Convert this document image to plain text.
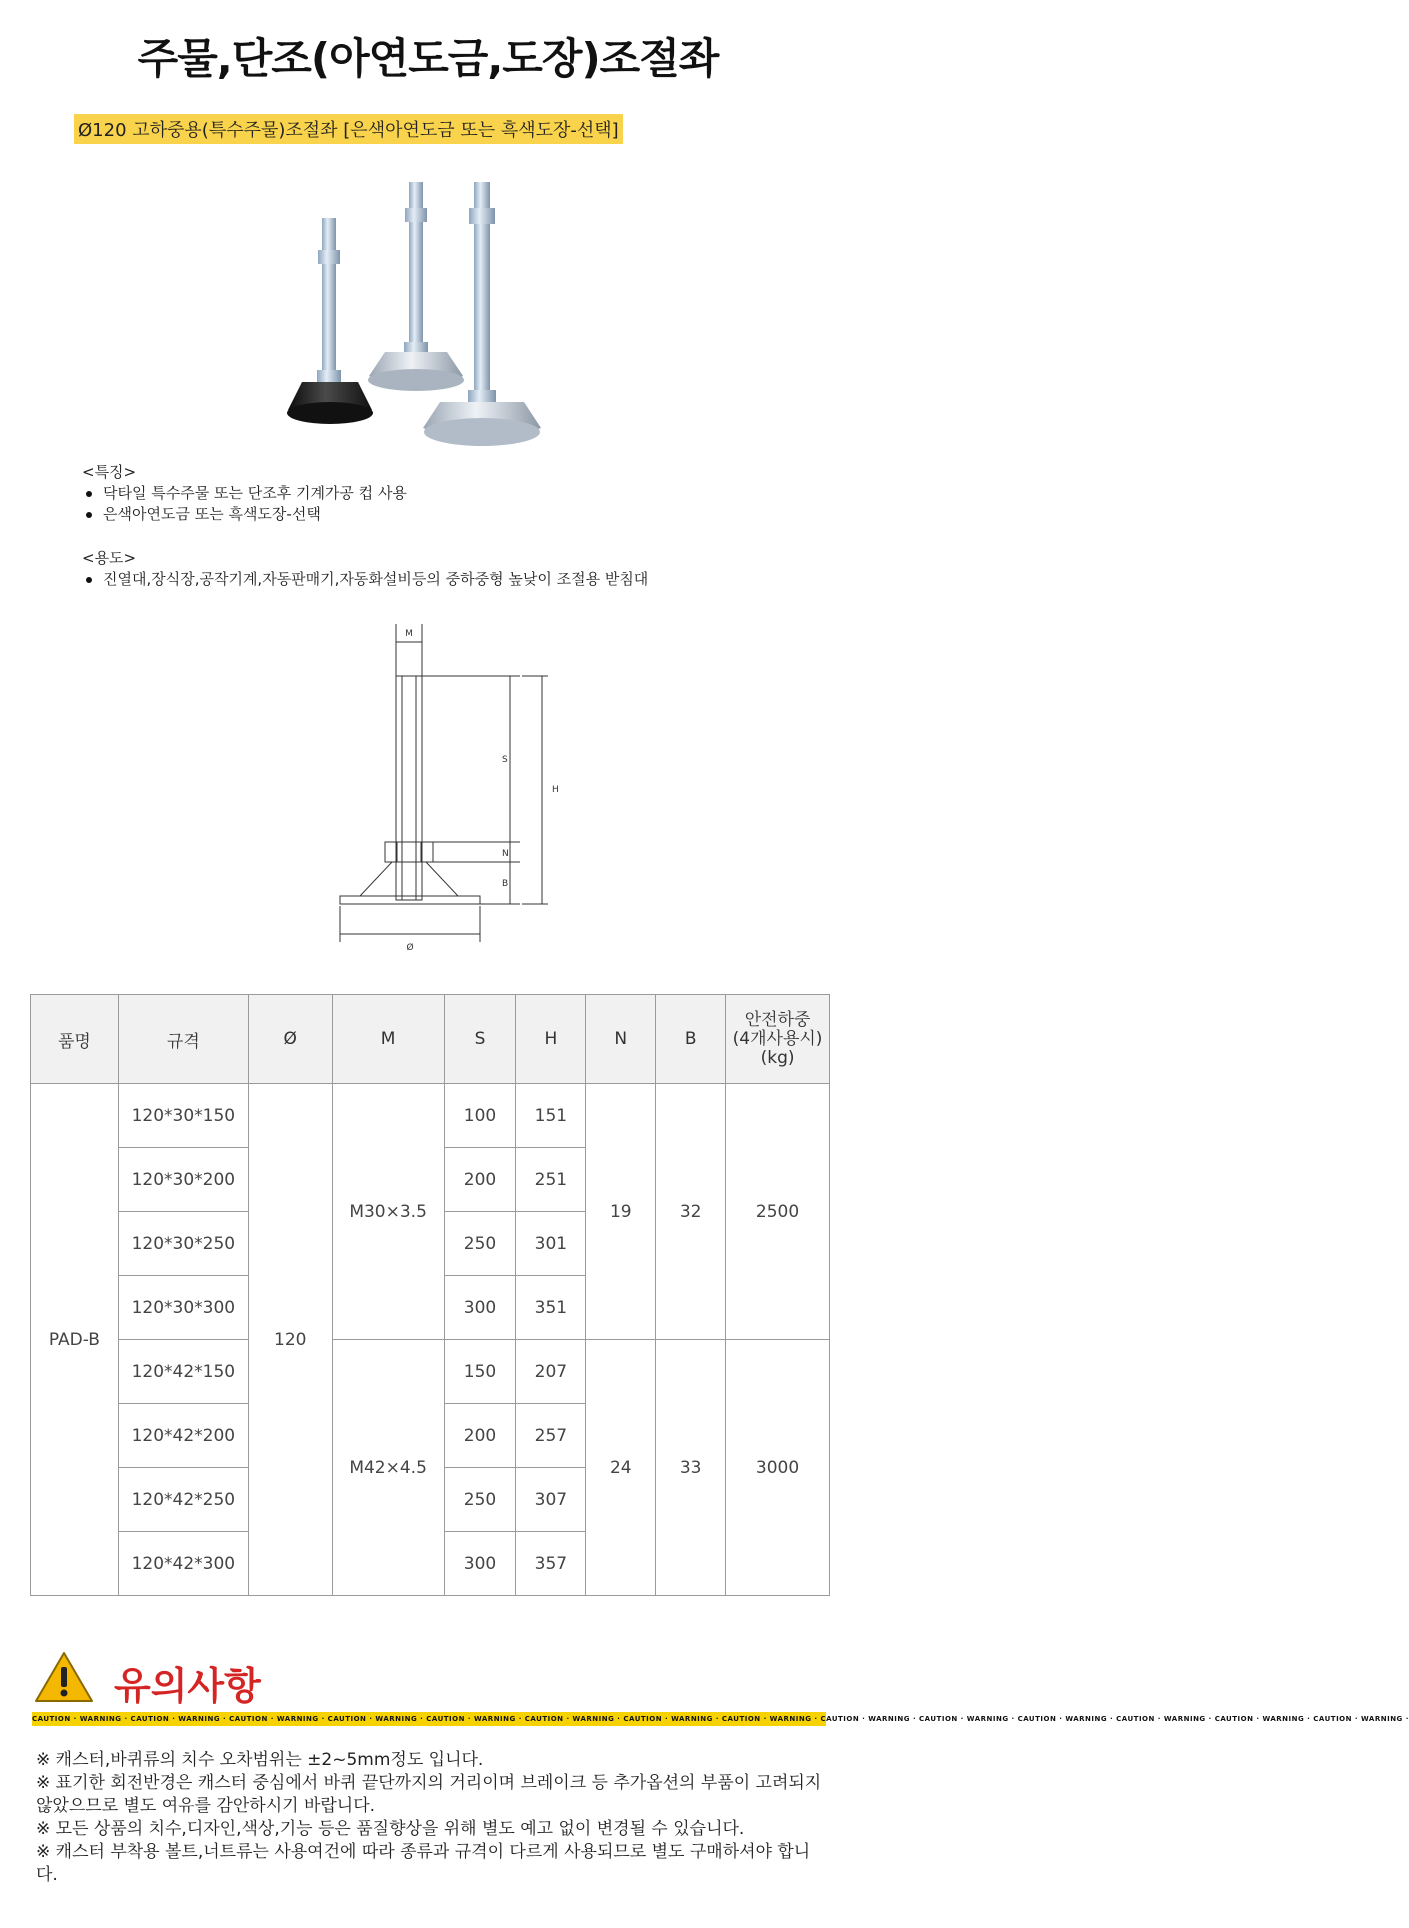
주물,단조(아연도금,도장)조절좌
Ø120 고하중용(특수주물)조절좌 [은색아연도금 또는 흑색도장-선택]
<특징>
닥타일 특수주물 또는 단조후 기계가공 컵 사용
은색아연도금 또는 흑색도장-선택
<용도>
진열대,장식장,공작기계,자동판매기,자동화설비등의 중하중형 높낮이 조절용 받침대
M
S
N
B
H
Ø
품명	규격	Ø	M	S	H	N	B	안전하중
(4개사용시)
(kg)
PAD-B	120*30*150	120	M30×3.5	100	151	19	32	2500
	120*30*200			200	251			
	120*30*250			250	301			
	120*30*300			300	351			
	120*42*150		M42×4.5	150	207	24	33	3000
	120*42*200			200	257			
	120*42*250			250	307			
	120*42*300			300	357			
유의사항
CAUTION · WARNING · CAUTION · WARNING · CAUTION · WARNING · CAUTION · WARNING · CAUTION · WARNING · CAUTION · WARNING · CAUTION · WARNING · CAUTION · WARNING · CAUTION · WARNING · CAUTION · WARNING · CAUTION · WARNING · CAUTION · WARNING · CAUTION · WARNING · CAUTION · WARNING ·

※ 캐스터,바퀴류의 치수 오차범위는 ±2~5mm정도 입니다.

※ 표기한 회전반경은 캐스터 중심에서 바퀴 끝단까지의 거리이며 브레이크 등 추가옵션의 부품이 고려되지 않았으므로 별도 여유를 감안하시기 바랍니다.

※ 모든 상품의 치수,디자인,색상,기능 등은 품질향상을 위해 별도 예고 없이 변경될 수 있습니다.

※ 캐스터 부착용 볼트,너트류는 사용여건에 따라 종류과 규격이 다르게 사용되므로 별도 구매하셔야 합니다.
